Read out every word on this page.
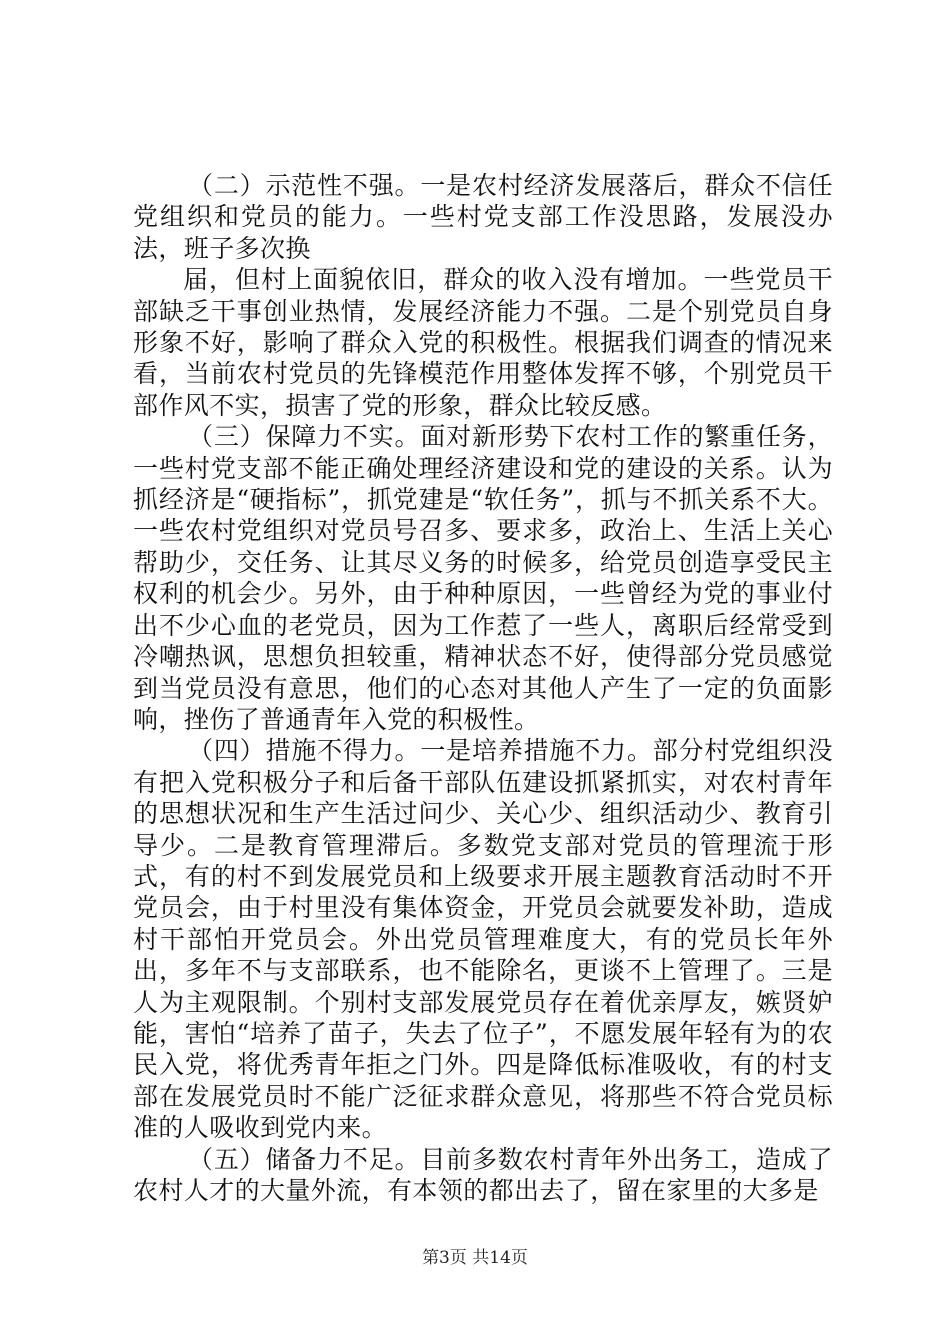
（二）示范性不强。一是农村经济发展落后，群众不信任党组织和党员的能力。一些村党支部工作没思路，发展没办法，班子多次换

届，但村上面貌依旧，群众的收入没有增加。一些党员干部缺乏干事创业热情，发展经济能力不强。二是个别党员自身形象不好，影响了群众入党的积极性。根据我们调查的情况来看，当前农村党员的先锋模范作用整体发挥不够，个别党员干部作风不实，损害了党的形象，群众比较反感。

（三）保障力不实。面对新形势下农村工作的繁重任务，一些村党支部不能正确处理经济建设和党的建设的关系。认为抓经济是“硬指标”，抓党建是“软任务”，抓与不抓关系不大。一些农村党组织对党员号召多、要求多，政治上、生活上关心帮助少，交任务、让其尽义务的时候多，给党员创造享受民主权利的机会少。另外，由于种种原因，一些曾经为党的事业付出不少心血的老党员，因为工作惹了一些人，离职后经常受到冷嘲热讽，思想负担较重，精神状态不好，使得部分党员感觉到当党员没有意思，他们的心态对其他人产生了一定的负面影响，挫伤了普通青年入党的积极性。

（四）措施不得力。一是培养措施不力。部分村党组织没有把入党积极分子和后备干部队伍建设抓紧抓实，对农村青年的思想状况和生产生活过问少、关心少、组织活动少、教育引导少。二是教育管理滞后。多数党支部对党员的管理流于形式，有的村不到发展党员和上级要求开展主题教育活动时不开党员会，由于村里没有集体资金，开党员会就要发补助，造成村干部怕开党员会。外出党员管理难度大，有的党员长年外出，多年不与支部联系，也不能除名，更谈不上管理了。三是人为主观限制。个别村支部发展党员存在着优亲厚友，嫉贤妒能，害怕“培养了苗子，失去了位子”，不愿发展年轻有为的农民入党，将优秀青年拒之门外。四是降低标准吸收，有的村支部在发展党员时不能广泛征求群众意见，将那些不符合党员标准的人吸收到党内来。

（五）储备力不足。目前多数农村青年外出务工，造成了农村人才的大量外流，有本领的都出去了，留在家里的大多是

第3页 共14页
